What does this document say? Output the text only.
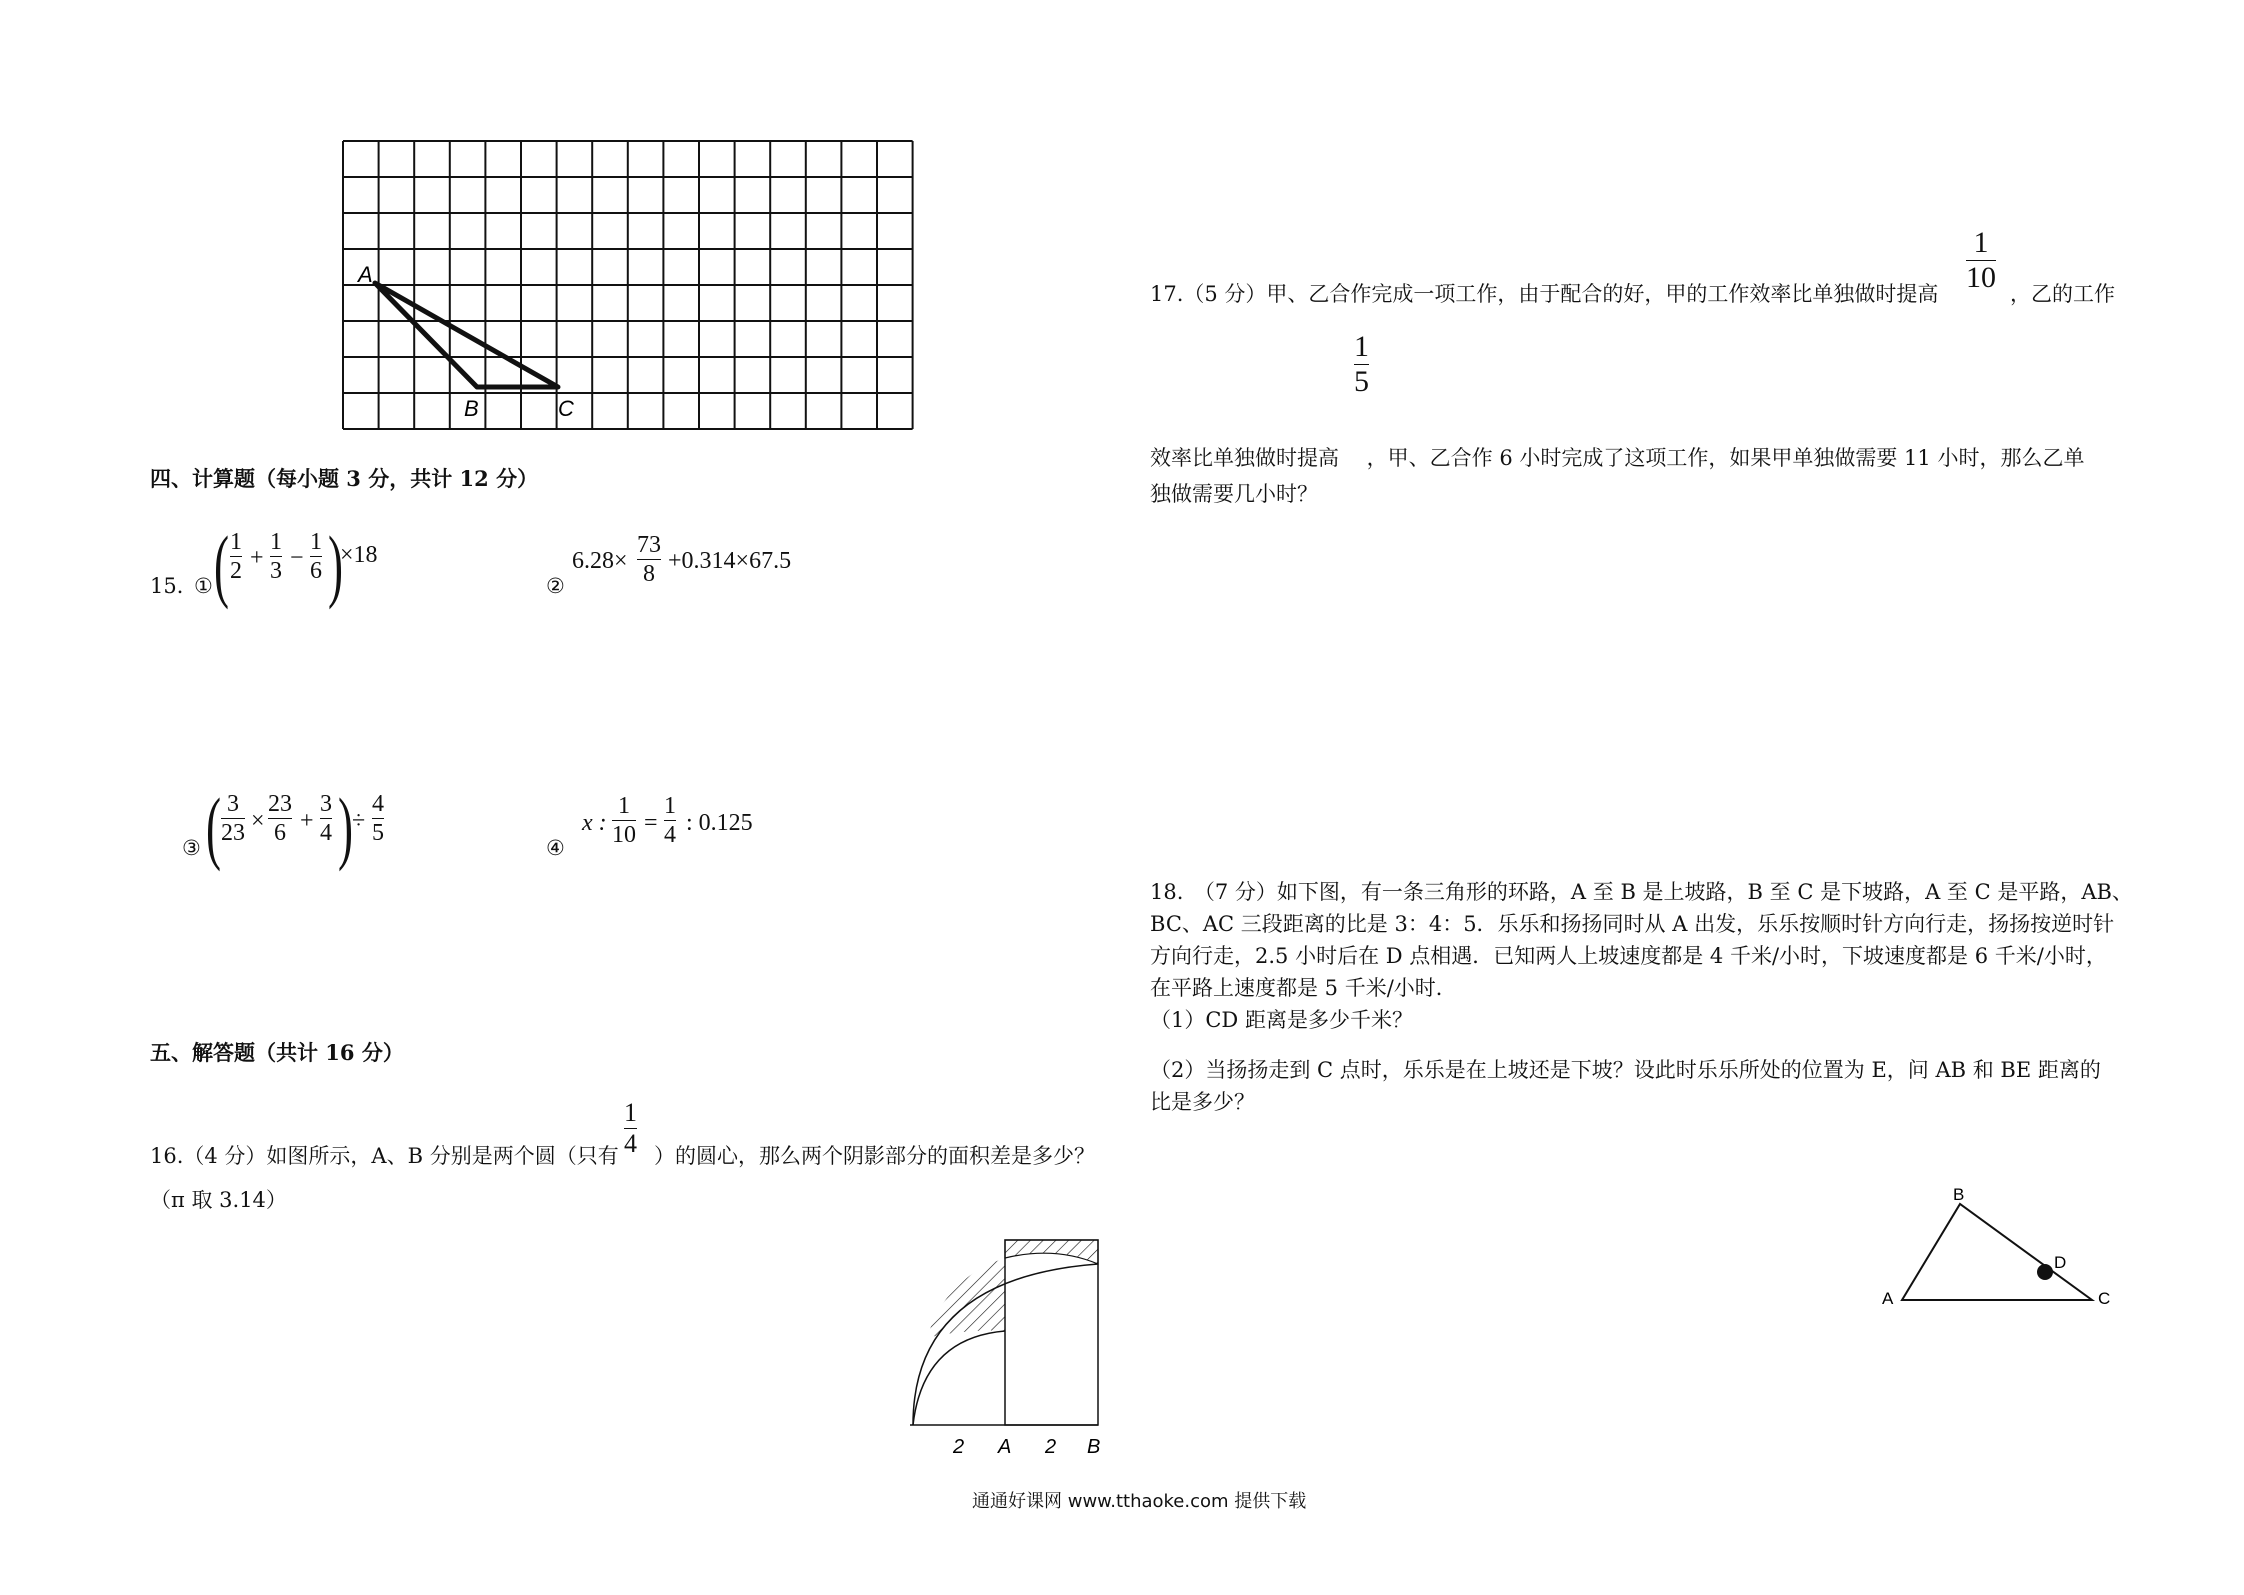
A
B	C
四、计算题（每小题 3 分，共计 12 分）
15．
① ( 1
2 +
1
3 −
1
6 )
×18
②
6.28×
73
8 +0.314×67.5
③ ( 3
23 ×
23
6 +
3
4 )
÷
4
5
④
x :
1
10 =
1
4 : 0.125
五、解答题（共计 16 分）
1
4
16.（4 分）如图所示，A、B 分别是两个圆（只有 ）的圆心，那么两个阴影部分的面积差是多少？
（π 取 3.14）
2 A 2 B
1
10
17.（5 分）甲、乙合作完成一项工作，由于配合的好，甲的工作效率比单独做时提高	，乙的工作
1
5
效率比单独做时提高　 ，甲、乙合作 6 小时完成了这项工作，如果甲单独做需要 11 小时，那么乙单
独做需要几小时？
18.　（7 分）如下图，有一条三角形的环路，A 至 B 是上坡路，B 至 C 是下坡路，A 至 C 是平路，AB、
BC、AC 三段距离的比是 3：4：5．乐乐和扬扬同时从 A 出发，乐乐按顺时针方向行走，扬扬按逆时针
方向行走，2.5 小时后在 D 点相遇．已知两人上坡速度都是 4 千米/小时，下坡速度都是 6 千米/小时，
在平路上速度都是 5 千米/小时．
（1）CD 距离是多少千米？
（2）当扬扬走到 C 点时，乐乐是在上坡还是下坡？设此时乐乐所处的位置为 E，问 AB 和 BE 距离的
比是多少？
A
B
C
D
通通好课网 www.tthaoke.com 提供下载
